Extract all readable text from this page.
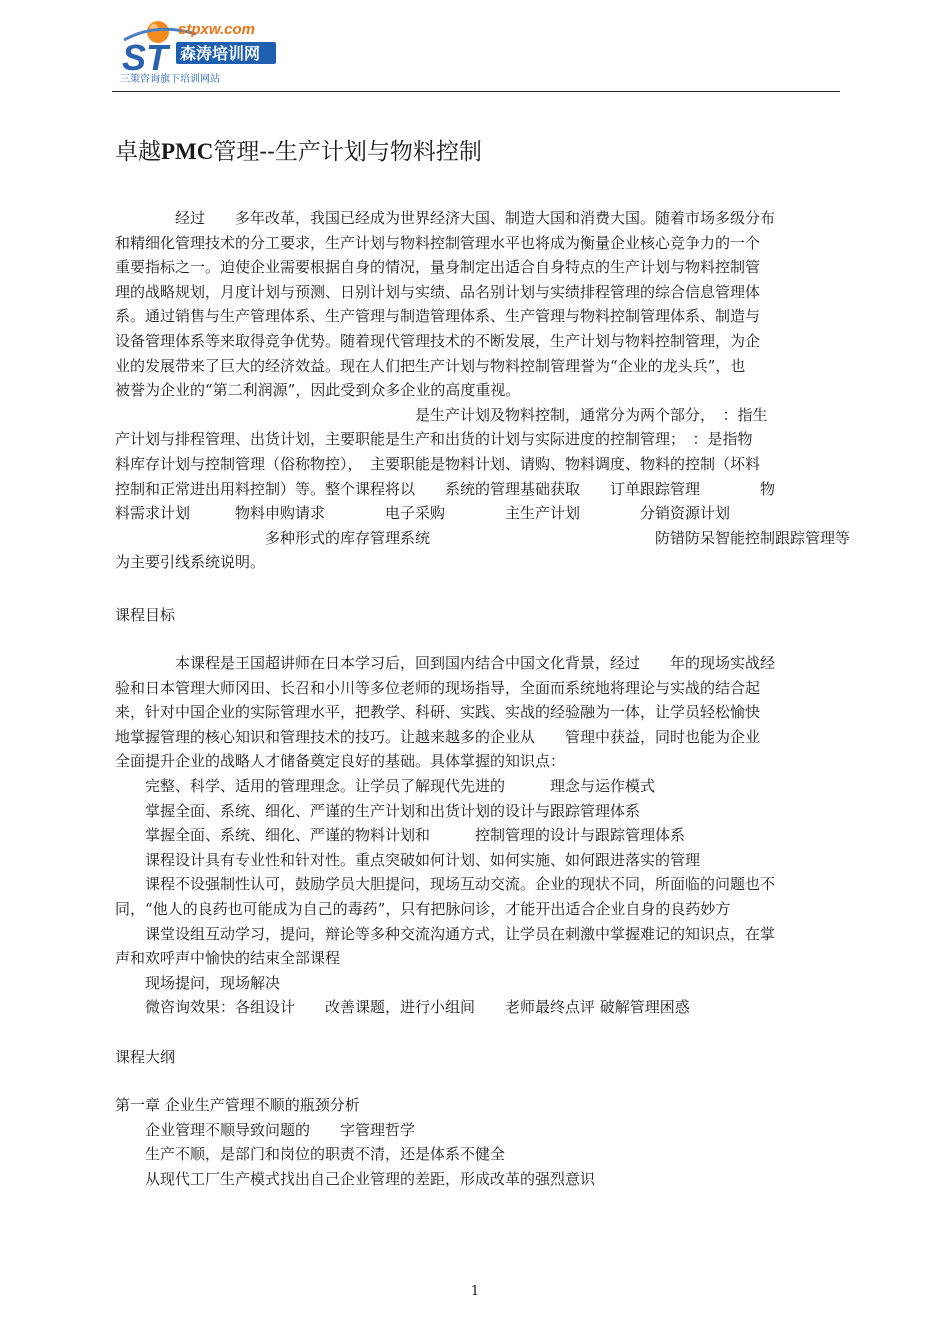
ST
stpxw.com
森涛培训网
三策咨询旗下培训网站
卓越PMC管理--生产计划与物料控制

　　　　经过　　多年改革，我国已经成为世界经济大国、制造大国和消费大国。随着市场多级分布

和精细化管理技术的分工要求，生产计划与物料控制管理水平也将成为衡量企业核心竞争力的一个

重要指标之一。迫使企业需要根据自身的情况，量身制定出适合自身特点的生产计划与物料控制管

理的战略规划，月度计划与预测、日别计划与实绩、品名别计划与实绩排程管理的综合信息管理体

系。通过销售与生产管理体系、生产管理与制造管理体系、生产管理与物料控制管理体系、制造与

设备管理体系等来取得竞争优势。随着现代管理技术的不断发展，生产计划与物料控制管理，为企

业的发展带来了巨大的经济效益。现在人们把生产计划与物料控制管理誉为“企业的龙头兵”，也

被誉为企业的“第二利润源”，因此受到众多企业的高度重视。

　　　　　　　　　　　　　　　　　　　　是生产计划及物料控制，通常分为两个部分，　：指生

产计划与排程管理、出货计划，主要职能是生产和出货的计划与实际进度的控制管理；　：是指物

料库存计划与控制管理（俗称物控），　主要职能是物料计划、请购、物料调度、物料的控制（坏料

控制和正常进出用料控制）等。整个课程将以　　系统的管理基础获取　　订单跟踪管理　　　　物

料需求计划　　　物料申购请求　　　　电子采购　　　　主生产计划　　　　分销资源计划

　　　　　　　　　　多种形式的库存管理系统　　　　　　　　　　　　　　　防错防呆智能控制跟踪管理等

为主要引线系统说明。

课程目标

　　　　本课程是王国超讲师在日本学习后，回到国内结合中国文化背景，经过　　年的现场实战经

验和日本管理大师冈田、长召和小川等多位老师的现场指导，全面而系统地将理论与实战的结合起

来，针对中国企业的实际管理水平，把教学、科研、实践、实战的经验融为一体，让学员轻松愉快

地掌握管理的核心知识和管理技术的技巧。让越来越多的企业从　　管理中获益，同时也能为企业

全面提升企业的战略人才储备奠定良好的基础。具体掌握的知识点：

　　完整、科学、适用的管理理念。让学员了解现代先进的　　　理念与运作模式

　　掌握全面、系统、细化、严谨的生产计划和出货计划的设计与跟踪管理体系

　　掌握全面、系统、细化、严谨的物料计划和　　　控制管理的设计与跟踪管理体系

　　课程设计具有专业性和针对性。重点突破如何计划、如何实施、如何跟进落实的管理

　　课程不设强制性认可，鼓励学员大胆提问，现场互动交流。企业的现状不同，所面临的问题也不

同，“他人的良药也可能成为自己的毒药”，只有把脉问诊，才能开出适合企业自身的良药妙方

　　课堂设组互动学习，提问，辩论等多种交流沟通方式，让学员在刺激中掌握难记的知识点，在掌

声和欢呼声中愉快的结束全部课程

　　现场提问，现场解决

　　微咨询效果：各组设计　　改善课题，进行小组间　　老师最终点评 破解管理困惑

课程大纲

第一章 企业生产管理不顺的瓶颈分析

　　企业管理不顺导致问题的　　字管理哲学

　　生产不顺，是部门和岗位的职责不清，还是体系不健全

　　从现代工厂生产模式找出自己企业管理的差距，形成改革的强烈意识

1
